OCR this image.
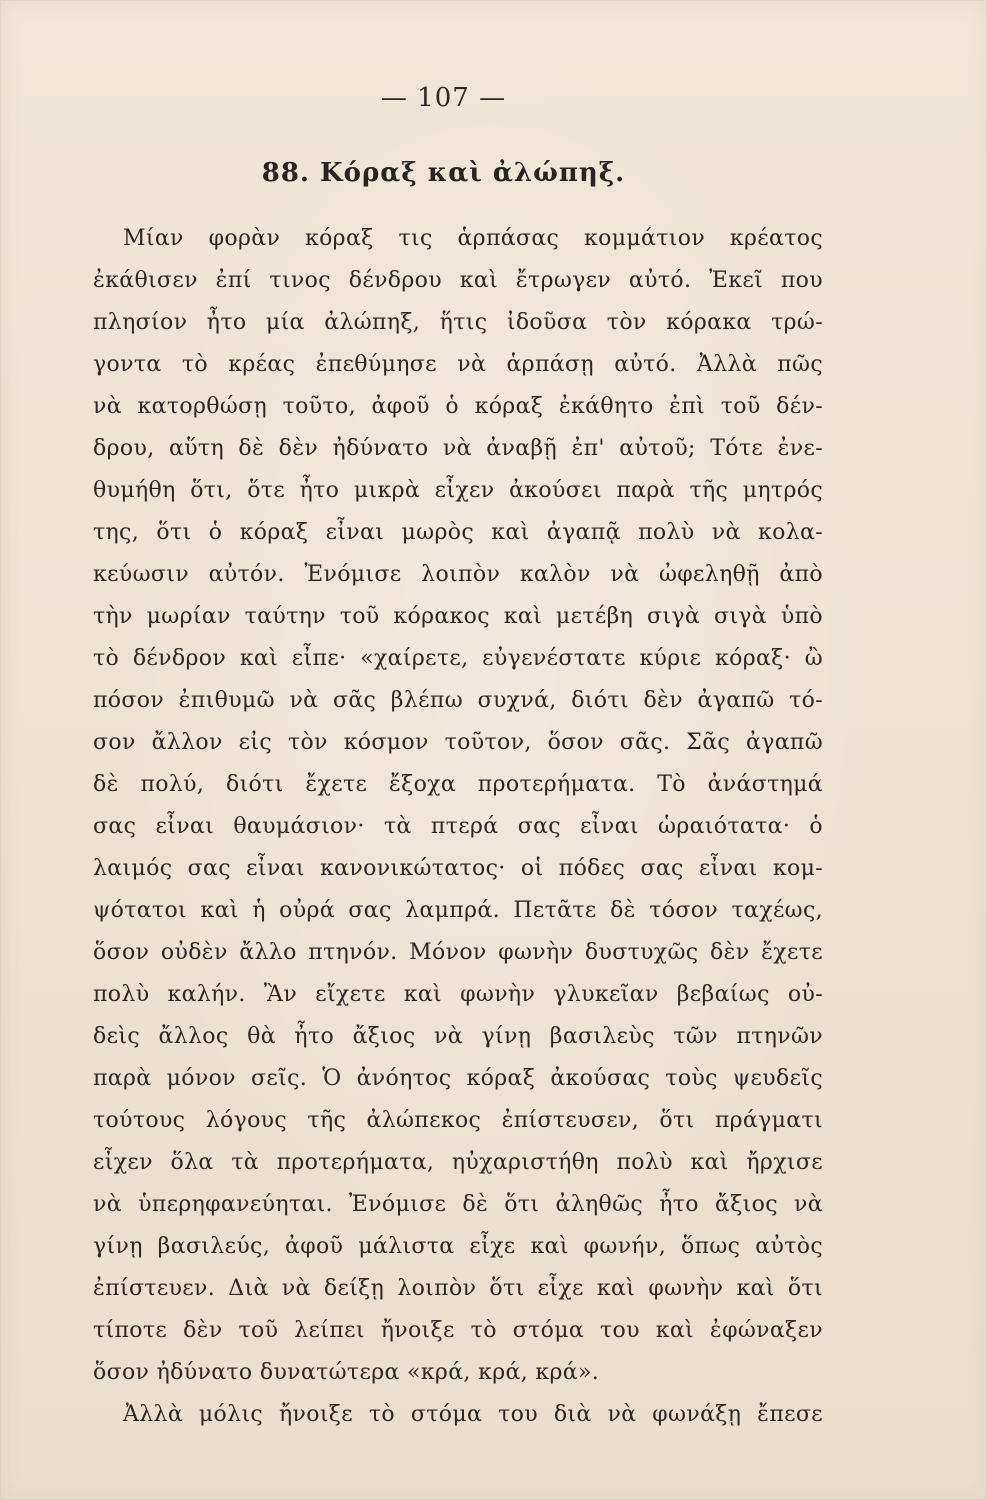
— 107 —
88. Κόραξ καὶ ἀλώπηξ.
Μίαν φορὰν κόραξ τις ἁρπάσας κομμάτιον κρέατος
ἐκάθισεν ἐπί τινος δένδρου καὶ ἔτρωγεν αὐτό. Ἐκεῖ που
πλησίον ἦτο μία ἀλώπηξ, ἥτις ἰδοῦσα τὸν κόρακα τρώ-
γοντα τὸ κρέας ἐπεθύμησε νὰ ἁρπάσῃ αὐτό. Ἀλλὰ πῶς
νὰ κατορθώσῃ τοῦτο, ἀφοῦ ὁ κόραξ ἐκάθητο ἐπὶ τοῦ δέν-
δρου, αὕτη δὲ δὲν ἠδύνατο νὰ ἀναβῇ ἐπ' αὐτοῦ; Τότε ἐνε-
θυμήθη ὅτι, ὅτε ἦτο μικρὰ εἶχεν ἀκούσει παρὰ τῆς μητρός
της, ὅτι ὁ κόραξ εἶναι μωρὸς καὶ ἀγαπᾷ πολὺ νὰ κολα-
κεύωσιν αὐτόν. Ἐνόμισε λοιπὸν καλὸν νὰ ὠφεληθῇ ἀπὸ
τὴν μωρίαν ταύτην τοῦ κόρακος καὶ μετέβη σιγὰ σιγὰ ὑπὸ
τὸ δένδρον καὶ εἶπε· «χαίρετε, εὐγενέστατε κύριε κόραξ· ὢ
πόσον ἐπιθυμῶ νὰ σᾶς βλέπω συχνά, διότι δὲν ἀγαπῶ τό-
σον ἄλλον εἰς τὸν κόσμον τοῦτον, ὅσον σᾶς. Σᾶς ἀγαπῶ
δὲ πολύ, διότι ἔχετε ἔξοχα προτερήματα. Τὸ ἀνάστημά
σας εἶναι θαυμάσιον· τὰ πτερά σας εἶναι ὡραιότατα· ὁ
λαιμός σας εἶναι κανονικώτατος· οἱ πόδες σας εἶναι κομ-
ψότατοι καὶ ἡ οὐρά σας λαμπρά. Πετᾶτε δὲ τόσον ταχέως,
ὅσον οὐδὲν ἄλλο πτηνόν. Μόνον φωνὴν δυστυχῶς δὲν ἔχετε
πολὺ καλήν. Ἂν εἴχετε καὶ φωνὴν γλυκεῖαν βεβαίως οὐ-
δεὶς ἄλλος θὰ ἦτο ἄξιος νὰ γίνῃ βασιλεὺς τῶν πτηνῶν
παρὰ μόνον σεῖς. Ὁ ἀνόητος κόραξ ἀκούσας τοὺς ψευδεῖς
τούτους λόγους τῆς ἀλώπεκος ἐπίστευσεν, ὅτι πράγματι
εἶχεν ὅλα τὰ προτερήματα, ηὐχαριστήθη πολὺ καὶ ἤρχισε
νὰ ὑπερηφανεύηται. Ἐνόμισε δὲ ὅτι ἀληθῶς ἦτο ἄξιος νὰ
γίνῃ βασιλεύς, ἀφοῦ μάλιστα εἶχε καὶ φωνήν, ὅπως αὐτὸς
ἐπίστευεν. Διὰ νὰ δείξῃ λοιπὸν ὅτι εἶχε καὶ φωνὴν καὶ ὅτι
τίποτε δὲν τοῦ λείπει ἤνοιξε τὸ στόμα του καὶ ἐφώναξεν
ὅσον ἠδύνατο δυνατώτερα «κρά, κρά, κρά».
Ἀλλὰ μόλις ἤνοιξε τὸ στόμα του διὰ νὰ φωνάξῃ ἔπεσε
